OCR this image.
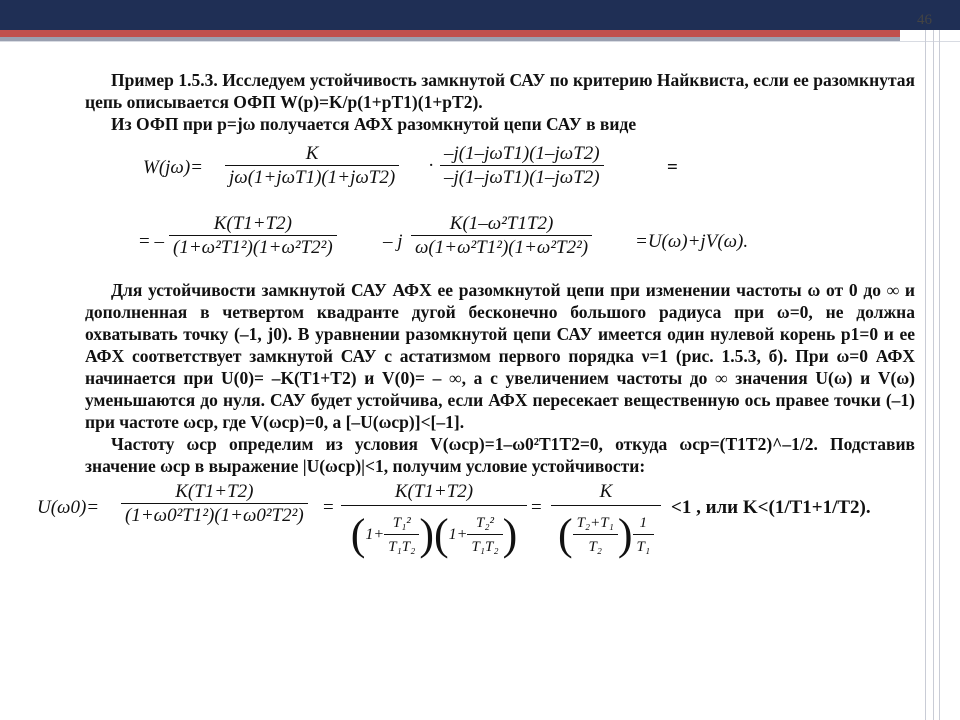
46

Пример 1.5.3. Исследуем устойчивость замкнутой САУ по критерию Найквиста, если ее разомкнутая цепь описывается ОФП W(p)=K/p(1+pT1)(1+pT2).

Из ОФП при p=jω получается АФХ разомкнутой цепи САУ в виде

W(jω)=
K
jω(1+jωT1)(1+jωT2)
·
–j(1–jωT1)(1–jωT2)
–j(1–jωT1)(1–jωT2)	=
= – $\frac{K(T1+T2)}{\text{(1+ω²T1²)(1+ω²T2²)}} - j \frac{\text{K(1–ω²T1T2)}}{\text{ω(1+ω²T1²)(1+ω²T2²)}} =U(\omega)+jV(\omega)$.

Для устойчивости замкнутой САУ АФХ ее разомкнутой цепи при изменении частоты ω от 0 до ∞ и дополненная в четвертом квадранте дугой бесконечно большого радиуса при ω=0, не должна охватывать точку (–1, j0). В уравнении разомкнутой цепи САУ имеется один нулевой корень p1=0 и ее АФХ соответствует замкнутой САУ с астатизмом первого порядка ν=1 (рис. 1.5.3, б). При ω=0 АФХ начинается при U(0)= –K(T1+T2) и V(0)= – ∞, а с увеличением частоты до ∞ значения U(ω) и V(ω) уменьшаются до нуля. САУ будет устойчива, если АФХ пересекает вещественную ось правее точки (–1) при частоте ωср, где V(ωср)=0, а [–U(ωср)]<[–1].

Частоту ωср определим из условия V(ωср)=1–ω0²T1T2=0, откуда ωср=(T1T2)^–1/2. Подставив значение ωср в выражение |U(ωср)|<1, получим условие устойчивости:

$U(\omega 0)= \frac{K(T1+T2)}{\text{(1+ω0²T1²)(1+ω0²T2²)}}$ =
K(T1+T2)
$(1+ \frac{\text{T₁²}}{\text{T₁T₂}} )(1+ \frac{\text{T₂²}}{\text{T₁T₂}}$ )
=
K
( $\frac{\text{T₂+T₁}}{\text{T₂}}$ ) $\frac{1}{\text{T₁}}$
<1 , или K<(1/T1+1/T2).
